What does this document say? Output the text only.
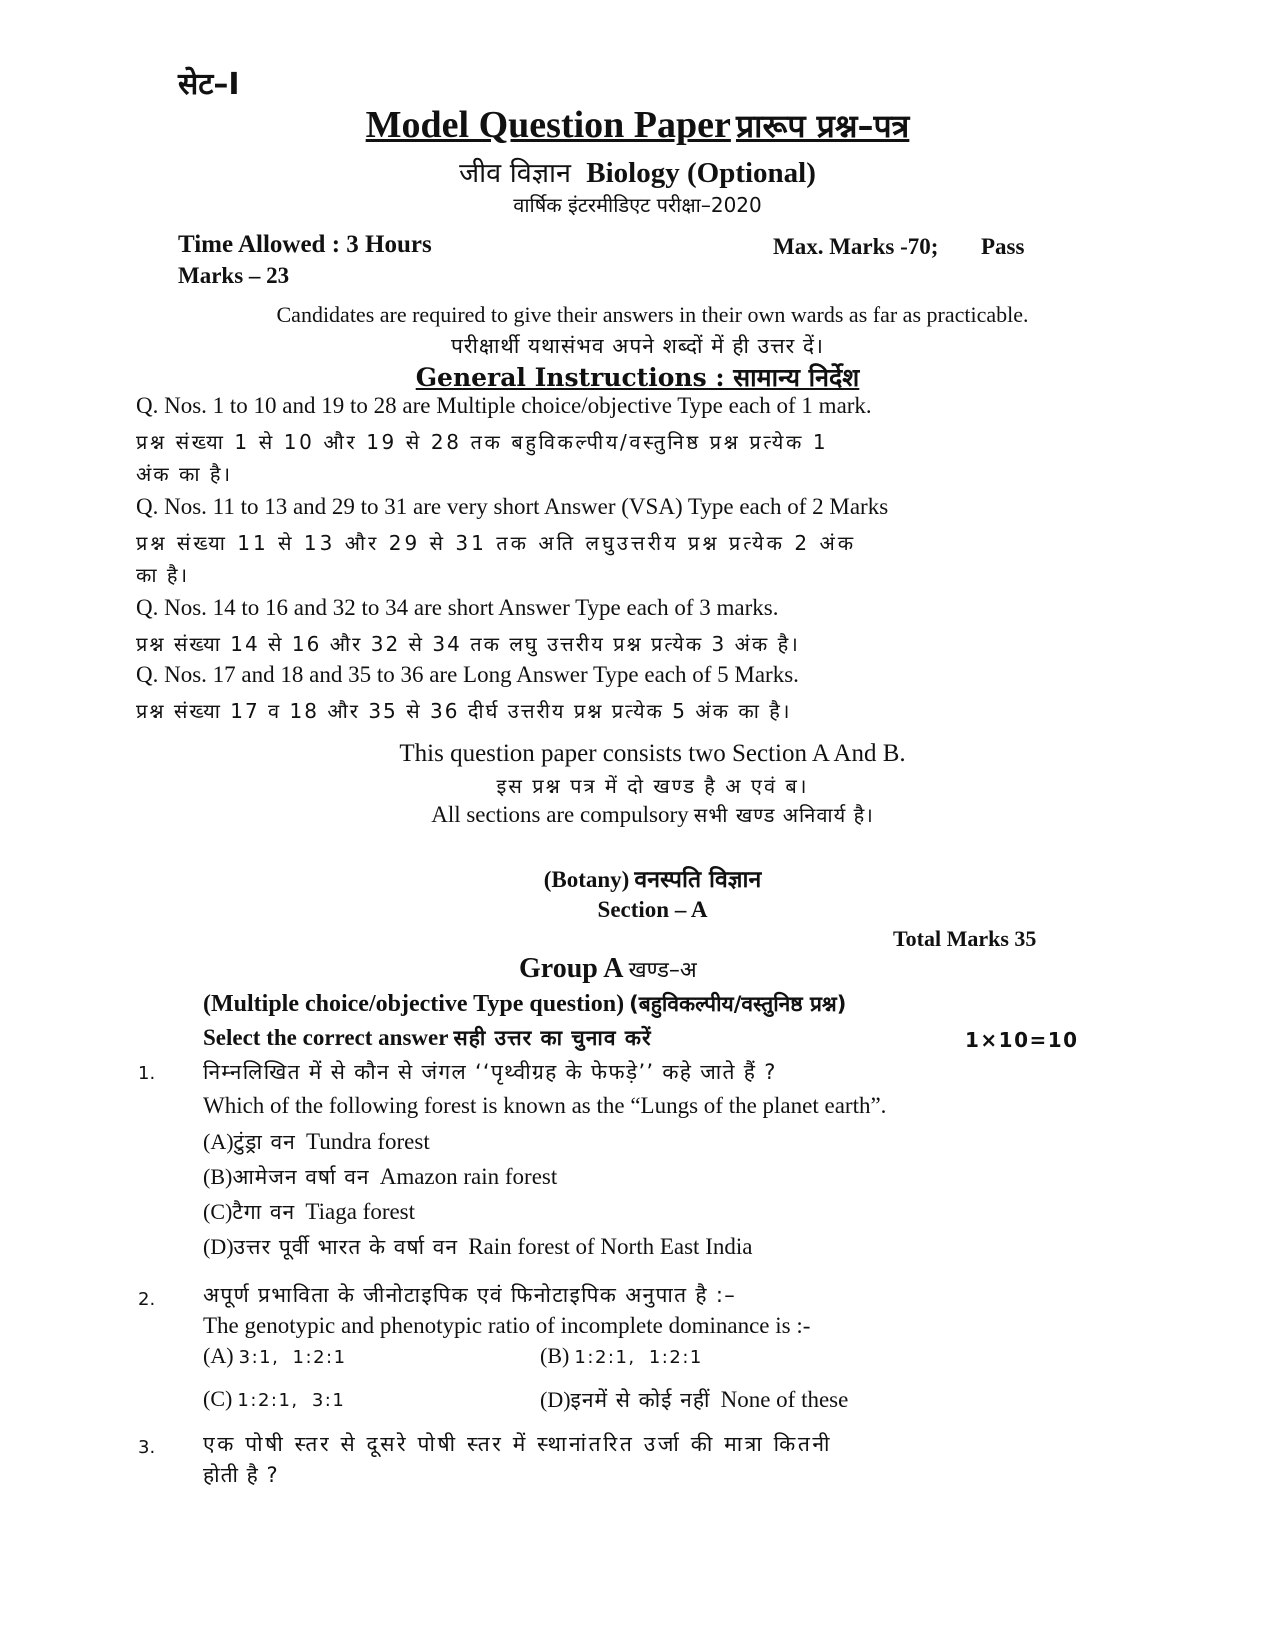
सेट–I
Model Question Paper प्रारूप प्रश्न–पत्र
जीव विज्ञान Biology (Optional)
वार्षिक इंटरमीडिएट परीक्षा–2020
Time Allowed : 3 Hours	Max. Marks -70; Pass
Marks – 23
Candidates are required to give their answers in their own wards as far as practicable.
परीक्षार्थी यथासंभव अपने शब्दों में ही उत्तर दें।
General Instructions : सामान्य निर्देश
Q. Nos. 1 to 10 and 19 to 28 are Multiple choice/objective Type each of 1 mark.
प्रश्न संख्या 1 से 10 और 19 से 28 तक बहुविकल्पीय/वस्तुनिष्ठ प्रश्न प्रत्येक 1
अंक का है।
Q. Nos. 11 to 13 and 29 to 31 are very short Answer (VSA) Type each of 2 Marks
प्रश्न संख्या 11 से 13 और 29 से 31 तक अति लघुउत्तरीय प्रश्न प्रत्येक 2 अंक
का है।
Q. Nos. 14 to 16 and 32 to 34 are short Answer Type each of 3 marks.
प्रश्न संख्या 14 से 16 और 32 से 34 तक लघु उत्तरीय प्रश्न प्रत्येक 3 अंक है।
Q. Nos. 17 and 18 and 35 to 36 are Long Answer Type each of 5 Marks.
प्रश्न संख्या 17 व 18 और 35 से 36 दीर्घ उत्तरीय प्रश्न प्रत्येक 5 अंक का है।
This question paper consists two Section A And B.
इस प्रश्न पत्र में दो खण्ड है अ एवं ब।
All sections are compulsory सभी खण्ड अनिवार्य है।
(Botany) वनस्पति विज्ञान
Section – A
Total Marks 35
Group A खण्ड–अ
(Multiple choice/objective Type question) (बहुविकल्पीय/वस्तुनिष्ठ प्रश्न)
Select the correct answer सही उत्तर का चुनाव करें	1×10=10
1. निम्नलिखित में से कौन से जंगल ‘‘पृथ्वीग्रह के फेफड़े’’ कहे जाते हैं ?
Which of the following forest is known as the “Lungs of the planet earth”.
(A)टुंड्रा वन Tundra forest
(B)आमेजन वर्षा वन Amazon rain forest
(C)टैगा वन Tiaga forest
(D)उत्तर पूर्वी भारत के वर्षा वन Rain forest of North East India
2. अपूर्ण प्रभाविता के जीनोटाइपिक एवं फिनोटाइपिक अनुपात है :–
The genotypic and phenotypic ratio of incomplete dominance is :-
(A) 3:1, 1:2:1	(B) 1:2:1, 1:2:1
(C) 1:2:1, 3:1	(D)इनमें से कोई नहीं None of these
3. एक पोषी स्तर से दूसरे पोषी स्तर में स्थानांतरित उर्जा की मात्रा कितनी
होती है ?
